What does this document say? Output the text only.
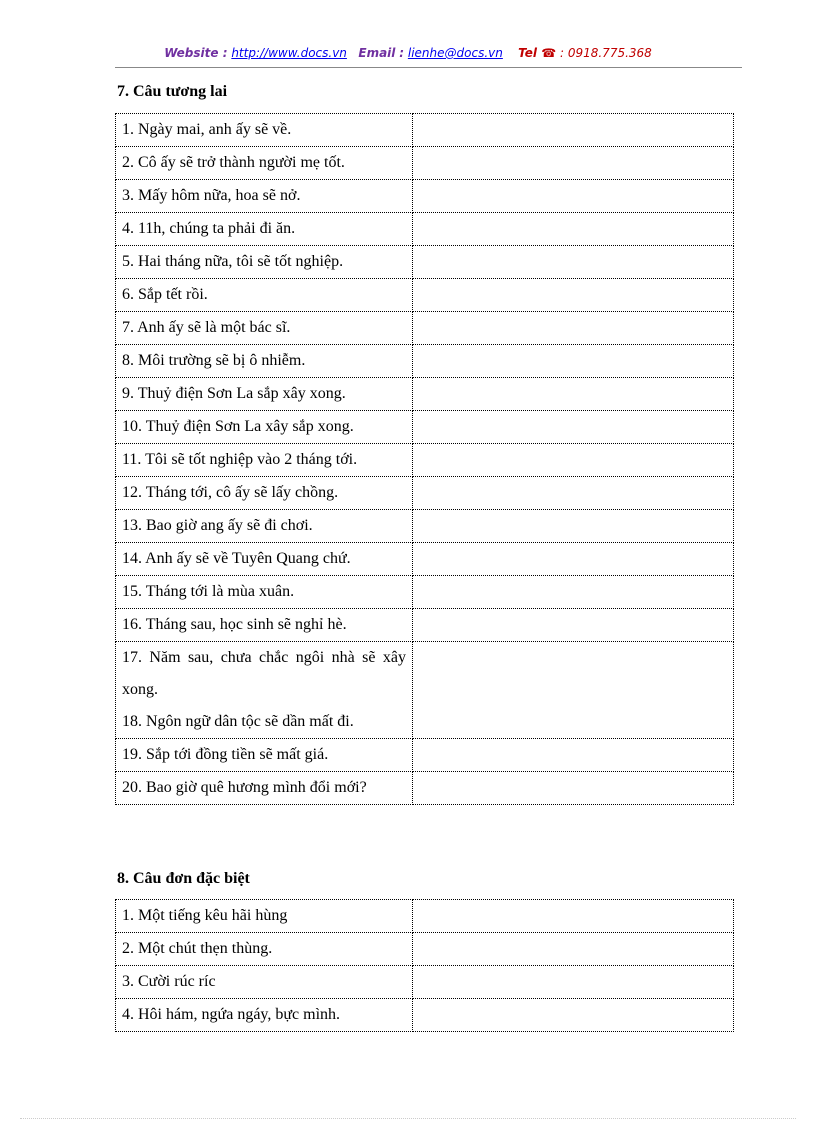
Website : http://www.docs.vn Email : lienhe@docs.vn Tel ☎ : 0918.775.368
7. Câu tương lai
1. Ngày mai, anh ấy sẽ về.	

2. Cô ấy sẽ trở thành người mẹ tốt.	

3. Mấy hôm nữa, hoa sẽ nở.	

4. 11h, chúng ta phải đi ăn.	

5. Hai tháng nữa, tôi sẽ tốt nghiệp.	

6. Sắp tết rồi.	

7. Anh ấy sẽ là một bác sĩ.	

8. Môi trường sẽ bị ô nhiễm.	

9. Thuỷ điện Sơn La sắp xây xong.	

10. Thuỷ điện Sơn La xây sắp xong.	

11. Tôi sẽ tốt nghiệp vào 2 tháng tới.	

12. Tháng tới, cô ấy sẽ lấy chồng.	

13. Bao giờ ang ấy sẽ đi chơi.	

14. Anh ấy sẽ về Tuyên Quang chứ.	

15. Tháng tới là mùa xuân.	

16. Tháng sau, học sinh sẽ nghỉ hè.	

17. Năm sau, chưa chắc ngôi nhà sẽ xây xong.
18. Ngôn ngữ dân tộc sẽ dần mất đi.	

19. Sắp tới đồng tiền sẽ mất giá.	

20. Bao giờ quê hương mình đổi mới?	

8. Câu đơn đặc biệt
1. Một tiếng kêu hãi hùng	

2. Một chút thẹn thùng.	

3. Cười rúc ríc	

4. Hôi hám, ngứa ngáy, bực mình.	
